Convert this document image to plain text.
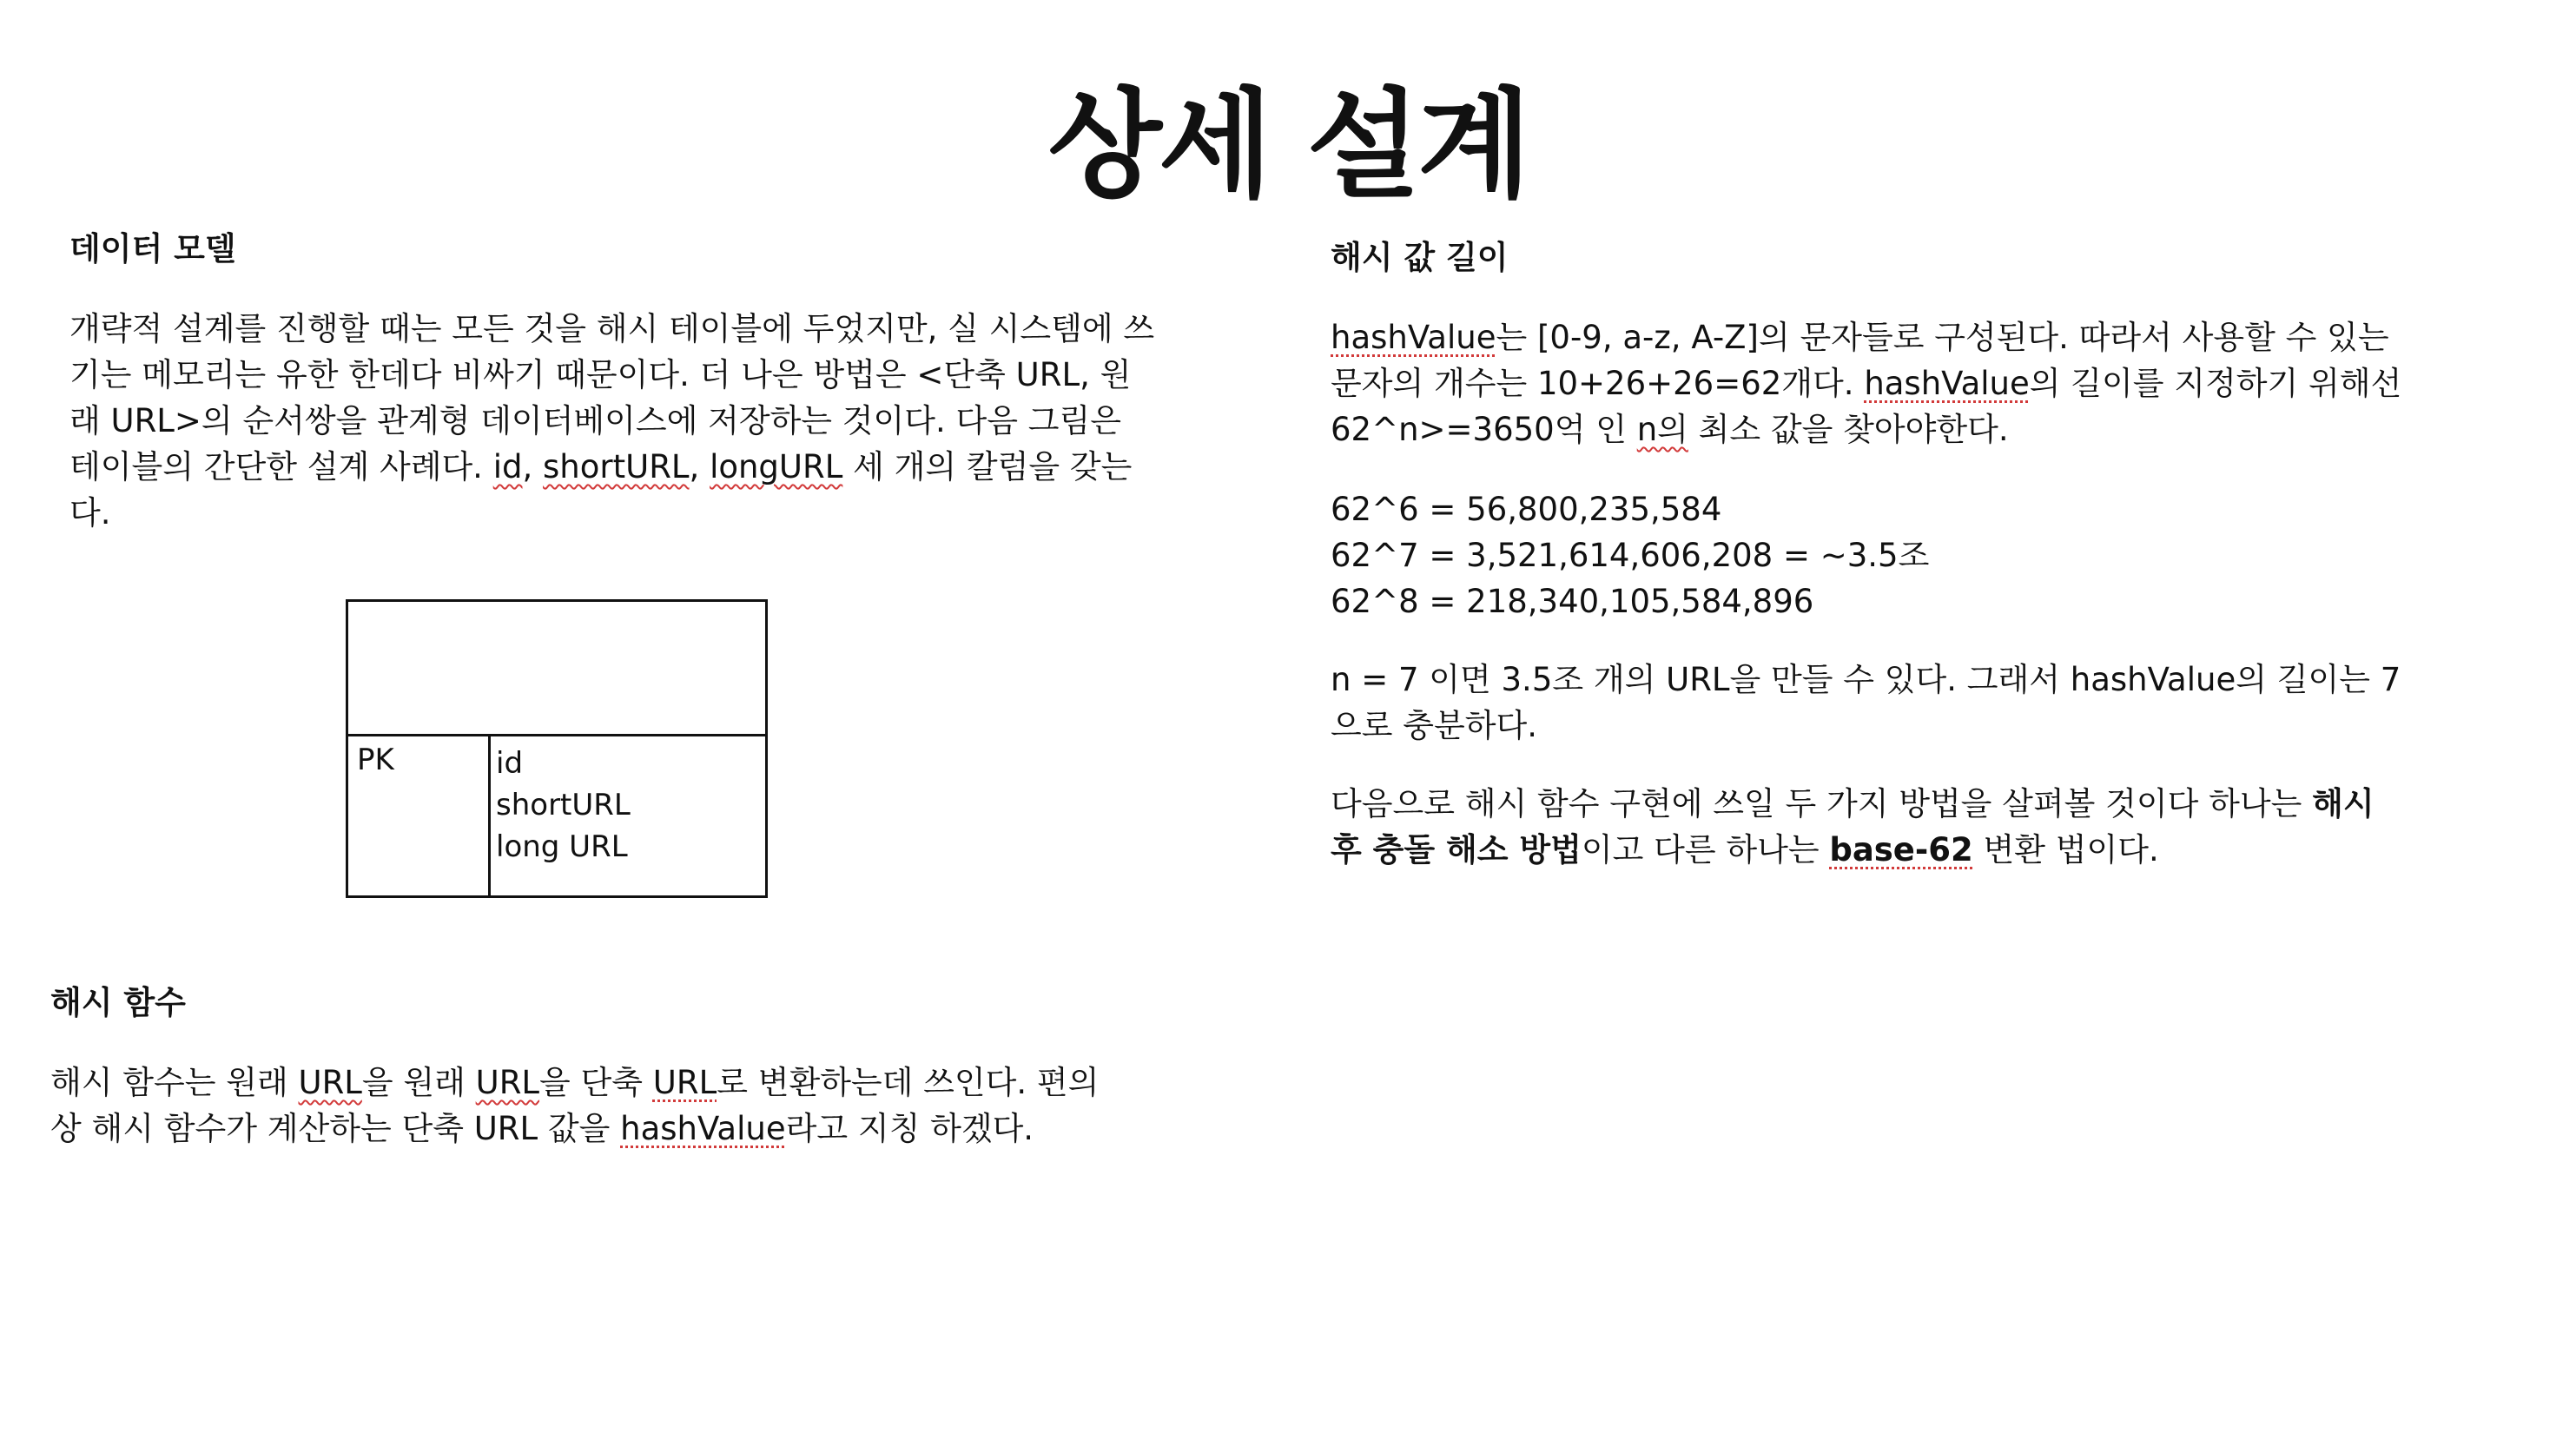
상세 설계
데이터 모델
개략적 설계를 진행할 때는 모든 것을 해시 테이블에 두었지만, 실 시스템에 쓰
기는 메모리는 유한 한데다 비싸기 때문이다. 더 나은 방법은 <단축 URL, 원
래 URL>의 순서쌍을 관계형 데이터베이스에 저장하는 것이다. 다음 그림은
테이블의 간단한 설계 사례다. id, shortURL, longURL 세 개의 칼럼을 갖는
다.
PK	id
shortURL
long URL
해시 함수
해시 함수는 원래 URL을 원래 URL을 단축 URL로 변환하는데 쓰인다. 편의
상 해시 함수가 계산하는 단축 URL 값을 hashValue라고 지칭 하겠다.
해시 값 길이
hashValue는 [0-9, a-z, A-Z]의 문자들로 구성된다. 따라서 사용할 수 있는
문자의 개수는 10+26+26=62개다. hashValue의 길이를 지정하기 위해선
62^n>=3650억 인 n의 최소 값을 찾아야한다.
62^6 = 56,800,235,584
62^7 = 3,521,614,606,208 = ~3.5조
62^8 = 218,340,105,584,896
n = 7 이면 3.5조 개의 URL을 만들 수 있다. 그래서 hashValue의 길이는 7
으로 충분하다.
다음으로 해시 함수 구현에 쓰일 두 가지 방법을 살펴볼 것이다 하나는 해시
후 충돌 해소 방법이고 다른 하나는 base-62 변환 법이다.
